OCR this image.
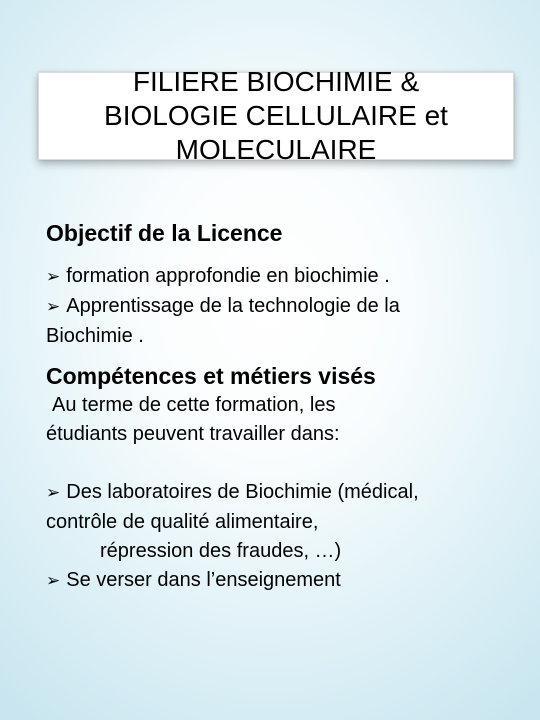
FILIERE BIOCHIMIE &
BIOLOGIE CELLULAIRE et
MOLECULAIRE

Objectif de la Licence

➢ formation approfondie en biochimie .
➢ Apprentissage de la technologie de la
Biochimie .

Compétences et métiers visés

Au terme de cette formation, les
étudiants peuvent travailler dans:

➢ Des laboratoires de Biochimie (médical,
contrôle de qualité alimentaire,
répression des fraudes, …)
➢ Se verser dans l’enseignement
